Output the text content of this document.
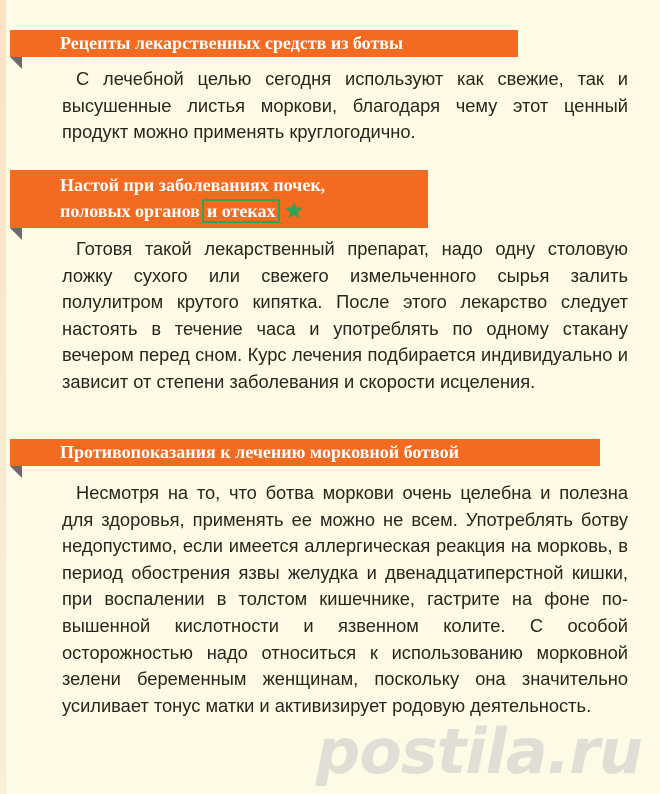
Рецепты лекарственных средств из ботвы

С лечебной целью сегодня используют как свежие, так и высушенные листья моркови, благодаря чему этот ценный продукт можно применять круглогодично.

Настой при заболеваниях почек,
половых органов и отеках

Готовя такой лекарственный препарат, надо одну столовую ложку сухого или свежего измельченного сырья залить полулитром крутого кипятка. После этого лекарство следует настоять в течение часа и употреблять по одному стакану вечером перед сном. Курс лечения подбирается индивидуально и зависит от степени заболевания и скорости исцеления.

Противопоказания к лечению морковной ботвой

Несмотря на то, что ботва моркови очень целебна и полезна для здоровья, применять ее можно не всем. Употреблять ботву недопустимо, если имеется аллергическая реакция на морковь, в период обострения язвы желудка и двенадцатиперстной кишки, при воспалении в толстом кишечнике, гастрите на фоне повышенной кислотности и язвенном колите. С особой осторожностью надо относиться к использованию морковной зелени беременным женщинам, поскольку она значительно усиливает тонус матки и активизирует родовую деятельность.

postila.ru
